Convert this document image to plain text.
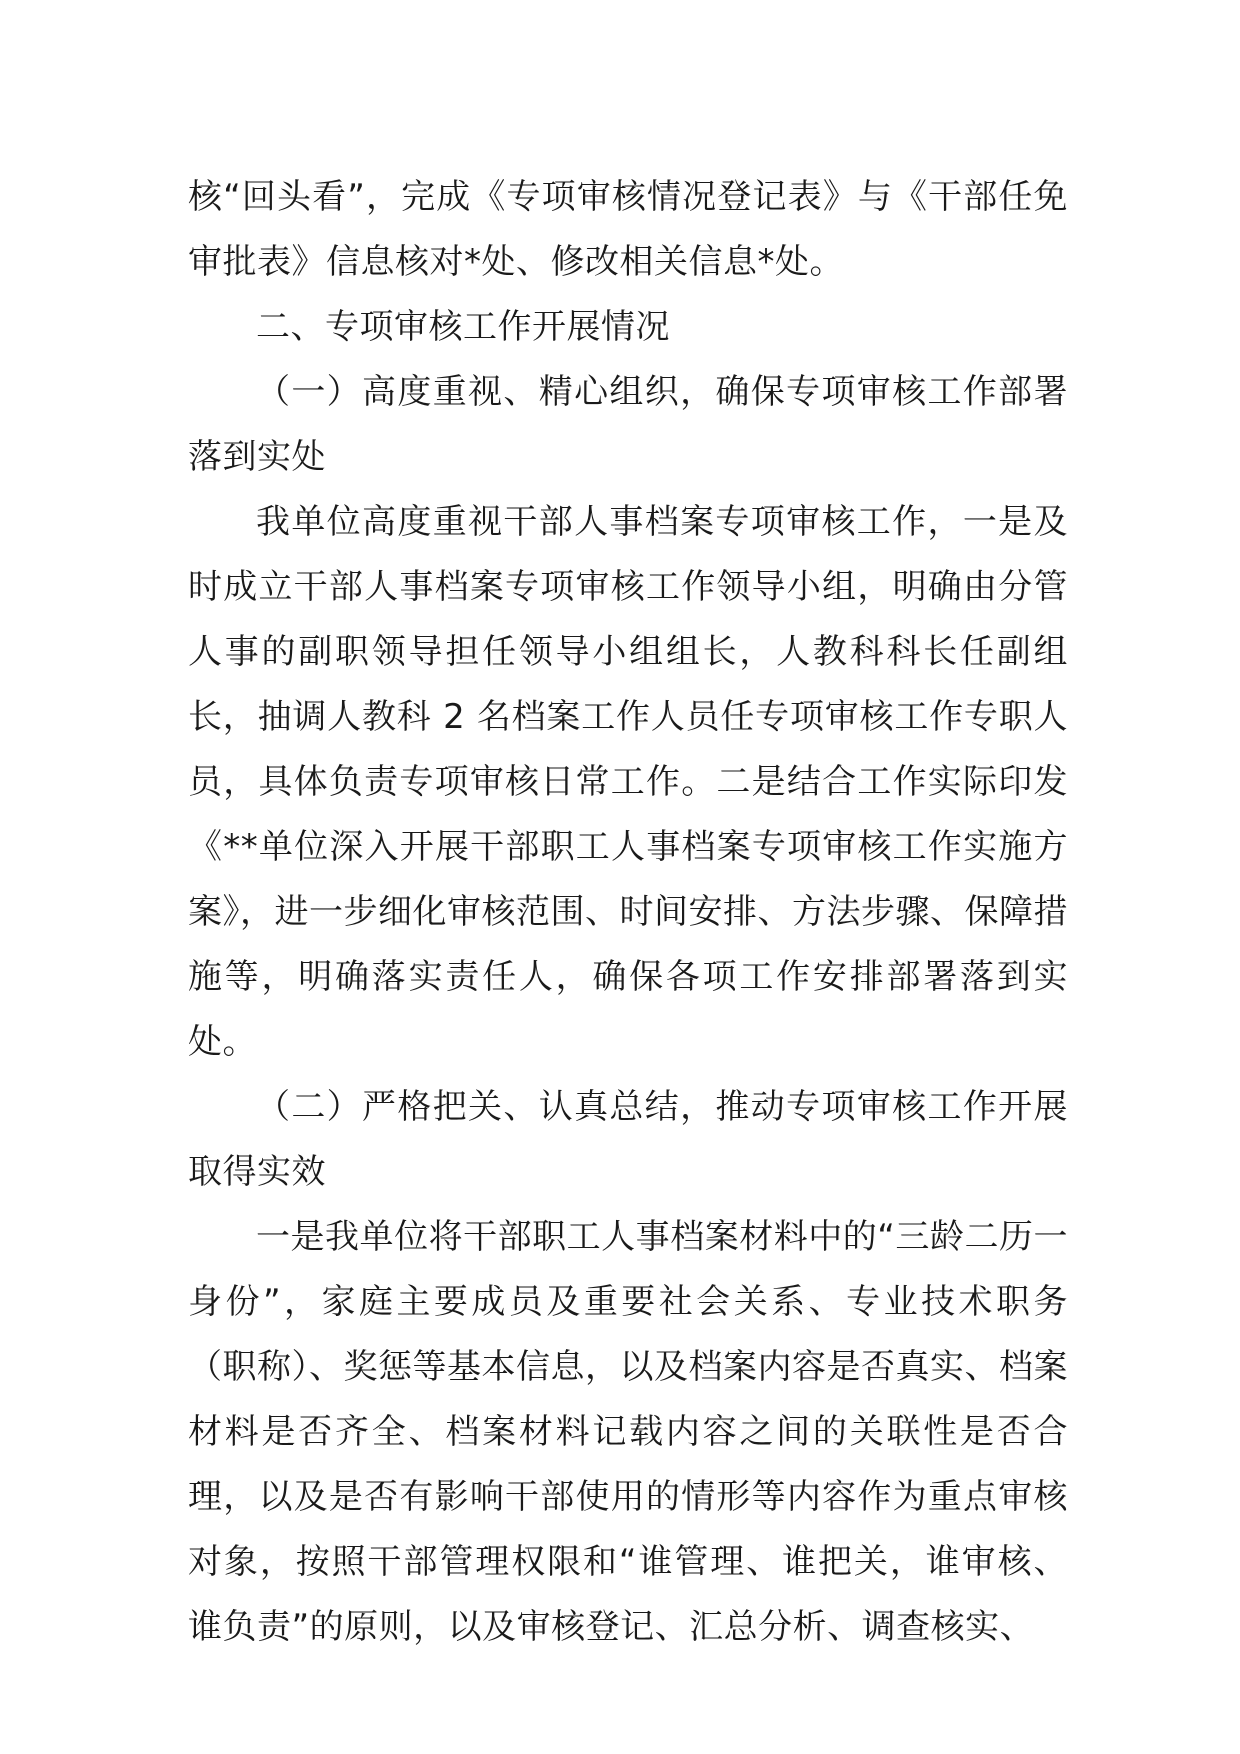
核“回头看”，完成《专项审核情况登记表》与《干部任免审批表》信息核对*处、修改相关信息*处。

二、专项审核工作开展情况

（一）高度重视、精心组织，确保专项审核工作部署落到实处

我单位高度重视干部人事档案专项审核工作，一是及时成立干部人事档案专项审核工作领导小组，明确由分管人事的副职领导担任领导小组组长，人教科科长任副组长，抽调人教科 2 名档案工作人员任专项审核工作专职人员，具体负责专项审核日常工作。二是结合工作实际印发《**单位深入开展干部职工人事档案专项审核工作实施方案》，进一步细化审核范围、时间安排、方法步骤、保障措施等，明确落实责任人，确保各项工作安排部署落到实处。

（二）严格把关、认真总结，推动专项审核工作开展取得实效

一是我单位将干部职工人事档案材料中的“三龄二历一身份”，家庭主要成员及重要社会关系、专业技术职务（职称）、奖惩等基本信息，以及档案内容是否真实、档案材料是否齐全、档案材料记载内容之间的关联性是否合理，以及是否有影响干部使用的情形等内容作为重点审核对象，按照干部管理权限和“谁管理、谁把关，谁审核、谁负责”的原则，以及审核登记、汇总分析、调查核实、
